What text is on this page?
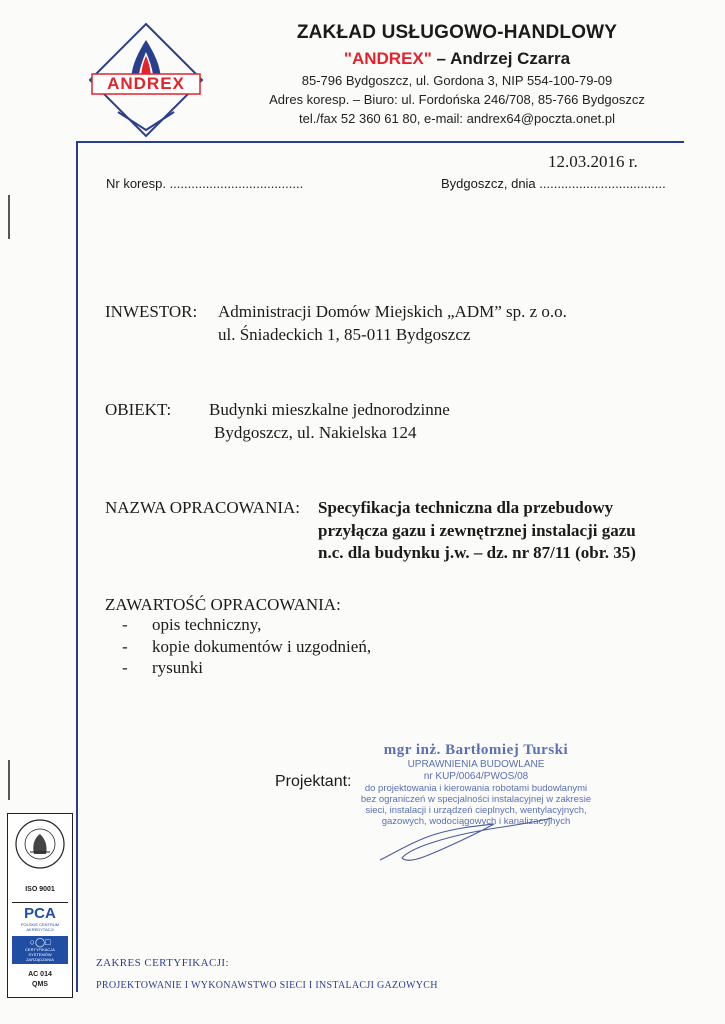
ANDREX
ZAKŁAD USŁUGOWO-HANDLOWY
"ANDREX" – Andrzej Czarra
85-796 Bydgoszcz, ul. Gordona 3, NIP 554-100-79-09
Adres koresp. – Biuro: ul. Fordońska 246/708, 85-766 Bydgoszcz
tel./fax 52 360 61 80, e-mail: andrex64@poczta.onet.pl
12.03.2016 r.
Nr koresp. .....................................	Bydgoszcz, dnia ...................................
INWESTOR: Administracji Domów Miejskich „ADM” sp. z o.o.
ul. Śniadeckich 1, 85-011 Bydgoszcz
OBIEKT: Budynki mieszkalne jednorodzinne
Bydgoszcz, ul. Nakielska 124
NAZWA OPRACOWANIA: Specyfikacja techniczna dla przebudowy
przyłącza gazu i zewnętrznej instalacji gazu
n.c. dla budynku j.w. – dz. nr 87/11 (obr. 35)
ZAWARTOŚĆ OPRACOWANIA:
- opis techniczny,
- kopie dokumentów i uzgodnień,
- rysunki
Projektant:
mgr inż. Bartłomiej Turski
UPRAWNIENIA BUDOWLANE
nr KUP/0064/PWOS/08
do projektowania i kierowania robotami budowlanymi
bez ograniczeń w specjalności instalacyjnej w zakresie
sieci, instalacji i urządzeń cieplnych, wentylacyjnych,
gazowych, wodociągowych i kanalizacyjnych
ISO 9001
PCA
POLSKIE CENTRUM
AKREDYTACJI
○◯□
CERTYFIKACJA
SYSTEMÓW
ZARZĄDZANIA
AC 014
QMS
ZAKRES CERTYFIKACJI:
PROJEKTOWANIE I WYKONAWSTWO SIECI I INSTALACJI GAZOWYCH
